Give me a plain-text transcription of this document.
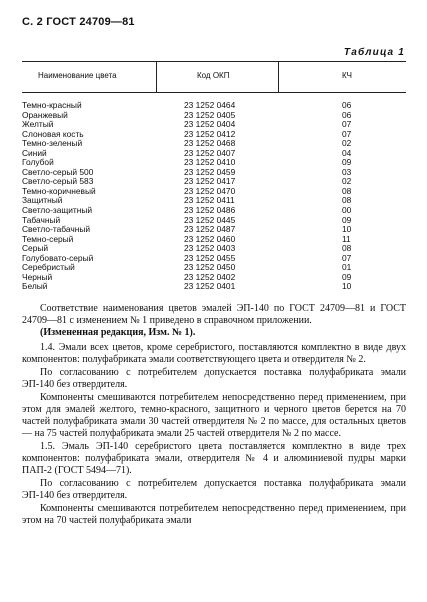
С. 2 ГОСТ 24709—81
Таблица 1
Наименование цвета	Код ОКП	КЧ
Темно-красный	23 1252 0464	06
Оранжевый	23 1252 0405	06
Желтый	23 1252 0404	07
Слоновая кость	23 1252 0412	07
Темно-зеленый	23 1252 0468	02
Синий	23 1252 0407	04
Голубой	23 1252 0410	09
Светло-серый 500	23 1252 0459	03
Светло-серый 583	23 1252 0417	02
Темно-коричневый	23 1252 0470	08
Защитный	23 1252 0411	08
Светло-защитный	23 1252 0486	00
Табачный	23 1252 0445	09
Светло-табачный	23 1252 0487	10
Темно-серый	23 1252 0460	11
Серый	23 1252 0403	08
Голубовато-серый	23 1252 0455	07
Серебристый	23 1252 0450	01
Черный	23 1252 0402	09
Белый	23 1252 0401	10

Соответствие наименования цветов эмалей ЭП-140 по ГОСТ 24709—81 и ГОСТ 24709—81 с изменением № 1 приведено в справочном приложении.

(Измененная редакция, Изм. № 1).

1.4. Эмали всех цветов, кроме серебристого, поставляются комплектно в виде двух компонентов: полуфабриката эмали соответствующего цвета и отвердителя № 2.

По согласованию с потребителем допускается поставка полуфабриката эмали ЭП-140 без отвердителя.

Компоненты смешиваются потребителем непосредственно перед применением, при этом для эмалей желтого, темно-красного, защитного и черного цветов берется на 70 частей полуфабриката эмали 30 частей отвердителя № 2 по массе, для остальных цветов — на 75 частей полуфабриката эмали 25 частей отвердителя № 2 по массе.

1.5. Эмаль ЭП-140 серебристого цвета поставляется комплектно в виде трех компонентов: полуфабриката эмали, отвердителя № 4 и алюминиевой пудры марки ПАП-2 (ГОСТ 5494—71).

По согласованию с потребителем допускается поставка полуфабриката эмали ЭП-140 без отвердителя.

Компоненты смешиваются потребителем непосредственно перед применением, при этом на 70 частей полуфабриката эмали
